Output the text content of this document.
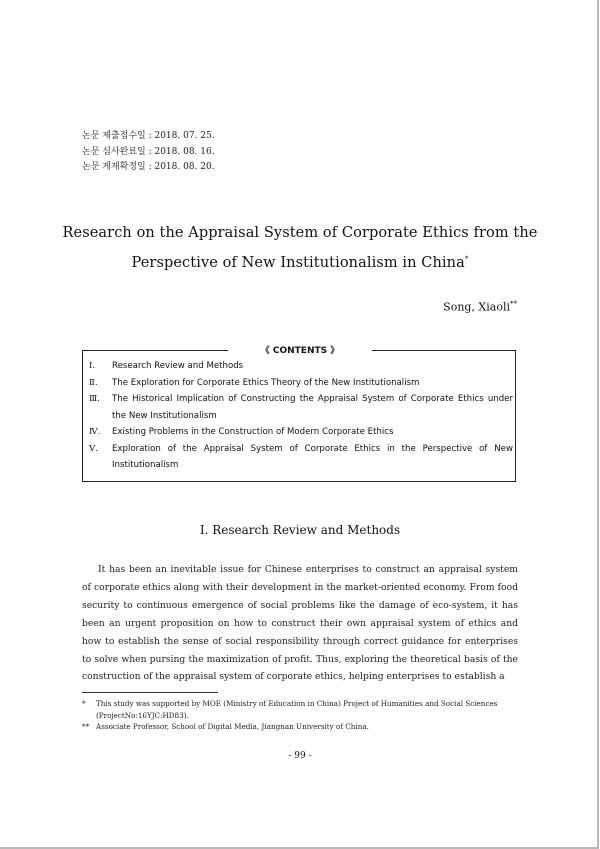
논문 제출접수일 : 2018. 07. 25.
논문 심사완료일 : 2018. 08. 16.
논문 게재확정일 : 2018. 08. 20.
Research on the Appraisal System of Corporate Ethics from the
Perspective of New Institutionalism in China*
Song, Xiaoli**
《 CONTENTS 》
Ⅰ.	Research Review and Methods
Ⅱ.	The Exploration for Corporate Ethics Theory of the New Institutionalism
Ⅲ.	The Historical Implication of Constructing the Appraisal System of Corporate Ethics under the New Institutionalism
Ⅳ.	Existing Problems in the Construction of Modern Corporate Ethics
Ⅴ.	Exploration of the Appraisal System of Corporate Ethics in the Perspective of New Institutionalism
Ⅰ. Research Review and Methods
It has been an inevitable issue for Chinese enterprises to construct an appraisal system of corporate ethics along with their development in the market-oriented economy. From food security to continuous emergence of social problems like the damage of eco-system, it has been an urgent proposition on how to construct their own appraisal system of ethics and how to establish the sense of social responsibility through correct guidance for enterprises to solve when pursing the maximization of profit. Thus, exploring the theoretical basis of the construction of the appraisal system of corporate ethics, helping enterprises to establish a
*	This study was supported by MOE (Ministry of Education in China) Project of Humanities and Social Sciences (ProjectNo:16YJC:HD83).
** Associate Professor, School of Digital Media, Jiangnan University of China.
- 99 -
